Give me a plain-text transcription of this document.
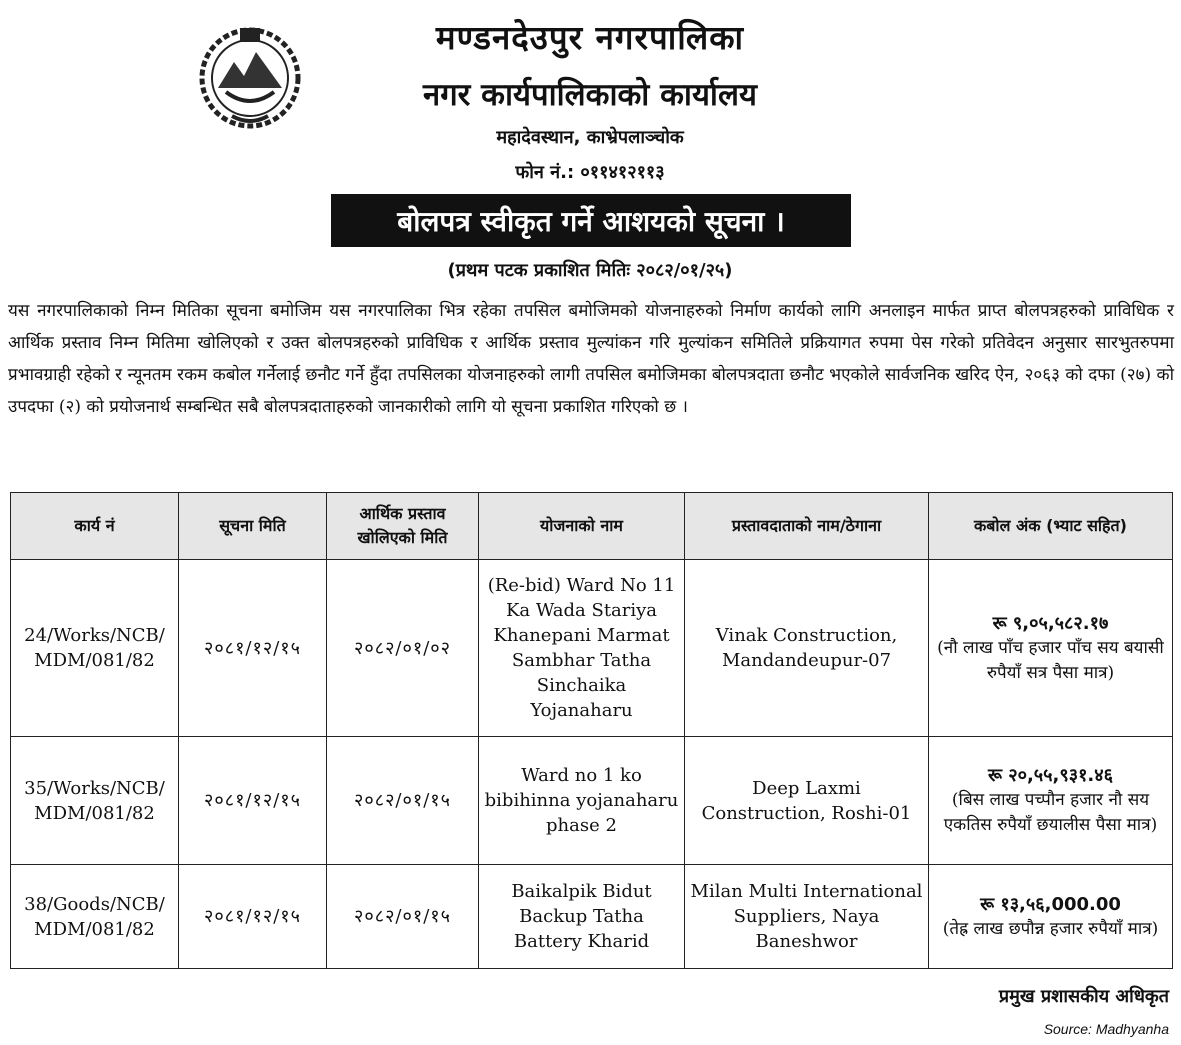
मण्डनदेउपुर नगरपालिका
नगर कार्यपालिकाको कार्यालय
महादेवस्थान, काभ्रेपलाञ्चोक
फोन नं.: ०११४१२११३
बोलपत्र स्वीकृत गर्ने आशयको सूचना ।
(प्रथम पटक प्रकाशित मितिः २०८२/०१/२५)
यस नगरपालिकाको निम्न मितिका सूचना बमोजिम यस नगरपालिका भित्र रहेका तपसिल बमोजिमको योजनाहरुको निर्माण कार्यको लागि अनलाइन मार्फत प्राप्त बोलपत्रहरुको प्राविधिक र आर्थिक प्रस्ताव निम्न मितिमा खोलिएको र उक्त बोलपत्रहरुको प्राविधिक र आर्थिक प्रस्ताव मुल्यांकन गरि मुल्यांकन समितिले प्रक्रियागत रुपमा पेस गरेको प्रतिवेदन अनुसार सारभुतरुपमा प्रभावग्राही रहेको र न्यूनतम रकम कबोल गर्नेलाई छनौट गर्ने हुँदा तपसिलका योजनाहरुको लागी तपसिल बमोजिमका बोलपत्रदाता छनौट भएकोले सार्वजनिक खरिद ऐन, २०६३ को दफा (२७) को उपदफा (२) को प्रयोजनार्थ सम्बन्धित सबै बोलपत्रदाताहरुको जानकारीको लागि यो सूचना प्रकाशित गरिएको छ ।
कार्य नं	सूचना मिति	आर्थिक प्रस्ताव खोलिएको मिति	योजनाको नाम	प्रस्तावदाताको नाम/ठेगाना	कबोल अंक (भ्याट सहित)
24/Works/NCB/ MDM/081/82	२०८१/१२/१५	२०८२/०१/०२	(Re-bid) Ward No 11 Ka Wada Stariya Khanepani Marmat Sambhar Tatha Sinchaika Yojanaharu	Vinak Construction, Mandandeupur-07	रू ९,०५,५८२.१७
(नौ लाख पाँच हजार पाँच सय बयासी रुपैयाँ सत्र पैसा मात्र)

35/Works/NCB/ MDM/081/82	२०८१/१२/१५	२०८२/०१/१५	Ward no 1 ko bibihinna yojanaharu phase 2	Deep Laxmi Construction, Roshi-01	रू २०,५५,९३१.४६
(बिस लाख पच्पौन हजार नौ सय एकतिस रुपैयाँ छयालीस पैसा मात्र)

38/Goods/NCB/ MDM/081/82	२०८१/१२/१५	२०८२/०१/१५	Baikalpik Bidut Backup Tatha Battery Kharid	Milan Multi International Suppliers, Naya Baneshwor	रू १३,५६,000.00
(तेह्र लाख छपौन्न हजार रुपैयाँ मात्र)
प्रमुख प्रशासकीय अधिकृत
Source: Madhyanha
